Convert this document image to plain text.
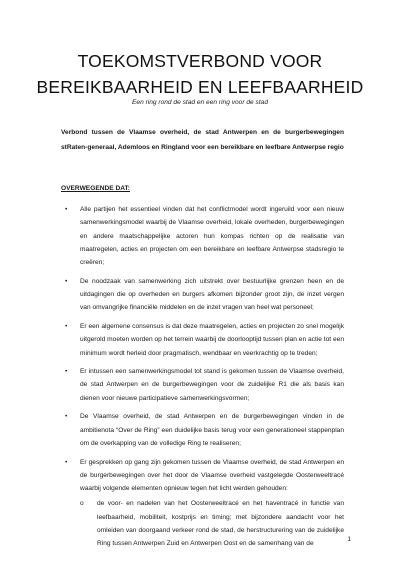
TOEKOMSTVERBOND VOOR
BEREIKBAARHEID EN LEEFBAARHEID
Een ring rond de stad en een ring voor de stad
Verbond tussen de Vlaamse overheid, de stad Antwerpen en de burgerbewegingen stRaten-generaal, Ademloos en Ringland voor een bereikbare en leefbare Antwerpse regio
OVERWEGENDE DAT:
• Alle partijen het essentieel vinden dat het conflictmodel wordt ingeruild voor een nieuw samenwerkingsmodel waarbij de Vlaamse overheid, lokale overheden, burgerbewegingen en andere maatschappelijke actoren hun kompas richten op de realisatie van maatregelen, acties en projecten om een bereikbare en leefbare Antwerpse stadsregio te creëren;
• De noodzaak van samenwerking zich uitstrekt over bestuurlijke grenzen heen en de uitdagingen die op overheden en burgers afkomen bijzonder groot zijn, de inzet vergen van omvangrijke financiële middelen en de inzet vragen van heel wat personeel;
• Er een algemene consensus is dat deze maatregelen, acties en projecten zo snel mogelijk uitgerold moeten worden op het terrein waarbij de doorlooptijd tussen plan en actie tot een minimum wordt herleid door pragmatisch, wendbaar en veerkrachtig op te treden;
• Er intussen een samenwerkingsmodel tot stand is gekomen tussen de Vlaamse overheid, de stad Antwerpen en de burgerbewegingen voor de zuidelijke R1 die als basis kan dienen voor nieuwe participatieve samenwerkingsvormen;
• De Vlaamse overheid, de stad Antwerpen en de burgerbewegingen vinden in de ambitienota “Over de Ring” een duidelijke basis terug voor een generationeel stappenplan om de overkapping van de volledige Ring te realiseren;
• Er gesprekken op gang zijn gekomen tussen de Vlaamse overheid, de stad Antwerpen en de burgerbewegingen over het door de Vlaamse overheid vastgelegde Oosterweeltracé waarbij volgende elementen opnieuw tegen het licht werden gehouden:
o de voor- en nadelen van het Oosterweeltracé en het haventracé in functie van leefbaarheid, mobiliteit, kostprijs en timing; met bijzondere aandacht voor het omleiden van doorgaand verkeer rond de stad, de herstructurering van de zuidelijke Ring tussen Antwerpen Zuid en Antwerpen Oost en de samenhang van de
1
